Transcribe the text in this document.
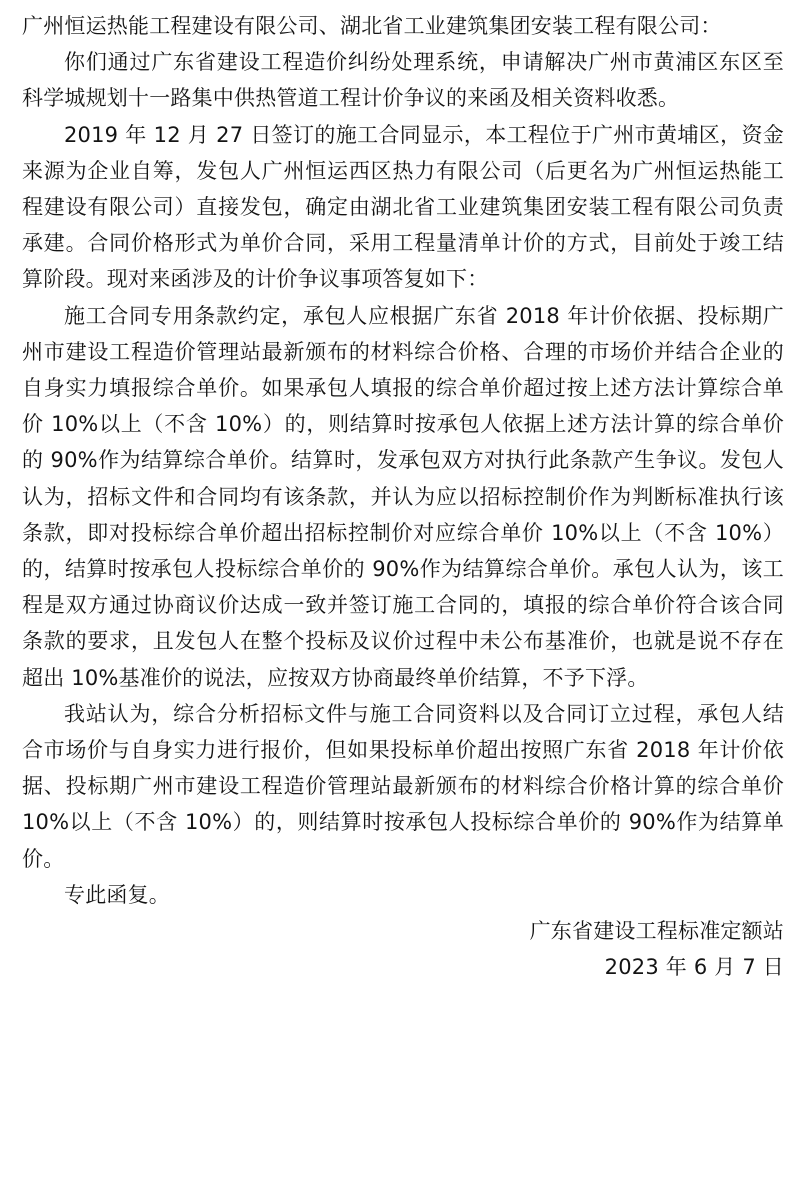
广州恒运热能工程建设有限公司、湖北省工业建筑集团安装工程有限公司：

你们通过广东省建设工程造价纠纷处理系统，申请解决广州市黄浦区东区至科学城规划十一路集中供热管道工程计价争议的来函及相关资料收悉。

2019 年 12 月 27 日签订的施工合同显示，本工程位于广州市黄埔区，资金来源为企业自筹，发包人广州恒运西区热力有限公司（后更名为广州恒运热能工程建设有限公司）直接发包，确定由湖北省工业建筑集团安装工程有限公司负责承建。合同价格形式为单价合同，采用工程量清单计价的方式，目前处于竣工结算阶段。现对来函涉及的计价争议事项答复如下：

施工合同专用条款约定，承包人应根据广东省 2018 年计价依据、投标期广州市建设工程造价管理站最新颁布的材料综合价格、合理的市场价并结合企业的自身实力填报综合单价。如果承包人填报的综合单价超过按上述方法计算综合单价 10%以上（不含 10%）的，则结算时按承包人依据上述方法计算的综合单价的 90%作为结算综合单价。结算时，发承包双方对执行此条款产生争议。发包人认为，招标文件和合同均有该条款，并认为应以招标控制价作为判断标准执行该条款，即对投标综合单价超出招标控制价对应综合单价 10%以上（不含 10%）的，结算时按承包人投标综合单价的 90%作为结算综合单价。承包人认为，该工程是双方通过协商议价达成一致并签订施工合同的，填报的综合单价符合该合同条款的要求，且发包人在整个投标及议价过程中未公布基准价，也就是说不存在超出 10%基准价的说法，应按双方协商最终单价结算，不予下浮。

我站认为，综合分析招标文件与施工合同资料以及合同订立过程，承包人结合市场价与自身实力进行报价，但如果投标单价超出按照广东省 2018 年计价依据、投标期广州市建设工程造价管理站最新颁布的材料综合价格计算的综合单价 10%以上（不含 10%）的，则结算时按承包人投标综合单价的 90%作为结算单价。

专此函复。

广东省建设工程标准定额站

2023 年 6 月 7 日
